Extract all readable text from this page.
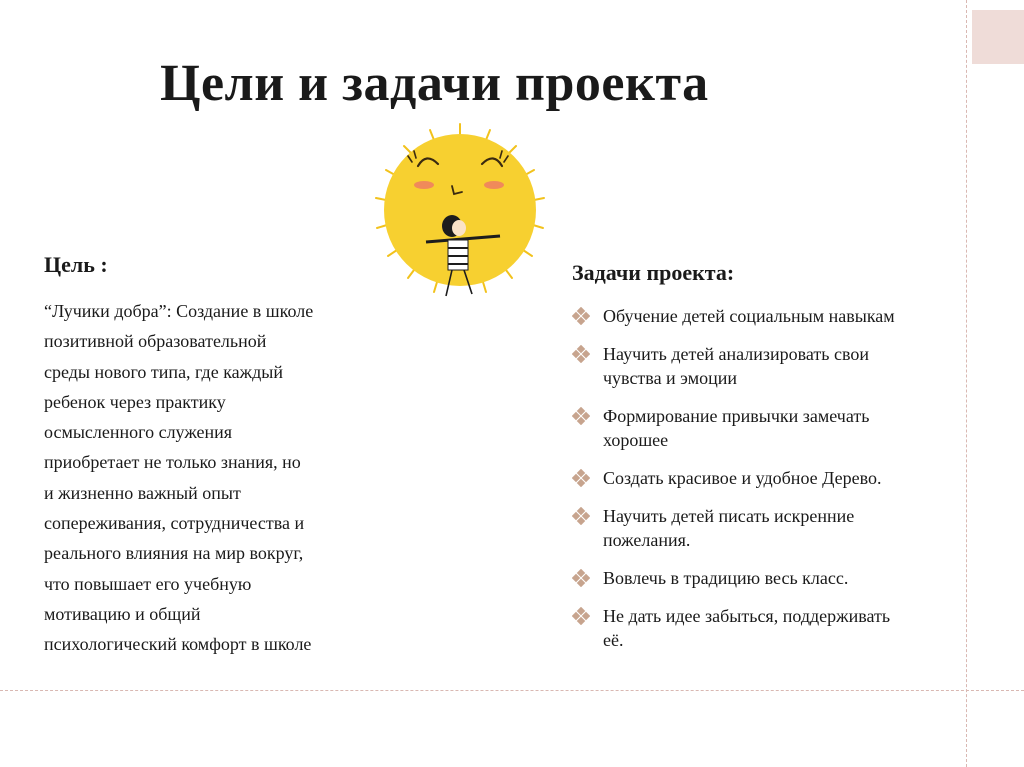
Цели и задачи проекта
Цель :
“Лучики добра”: Создание в школе
позитивной образовательной
среды нового типа, где каждый
ребенок через практику
осмысленного служения
приобретает не только знания, но
и жизненно важный опыт
сопереживания, сотрудничества и
реального влияния на мир вокруг,
что повышает его учебную
мотивацию и общий
психологический комфорт в школе
Задачи проекта:
Обучение детей социальным навыкам
Научить детей анализировать свои
чувства и эмоции
Формирование привычки замечать
хорошее
Создать красивое и удобное Дерево.
Научить детей писать искренние
пожелания.
Вовлечь в традицию весь класс.
Не дать идее забыться, поддерживать
её.
